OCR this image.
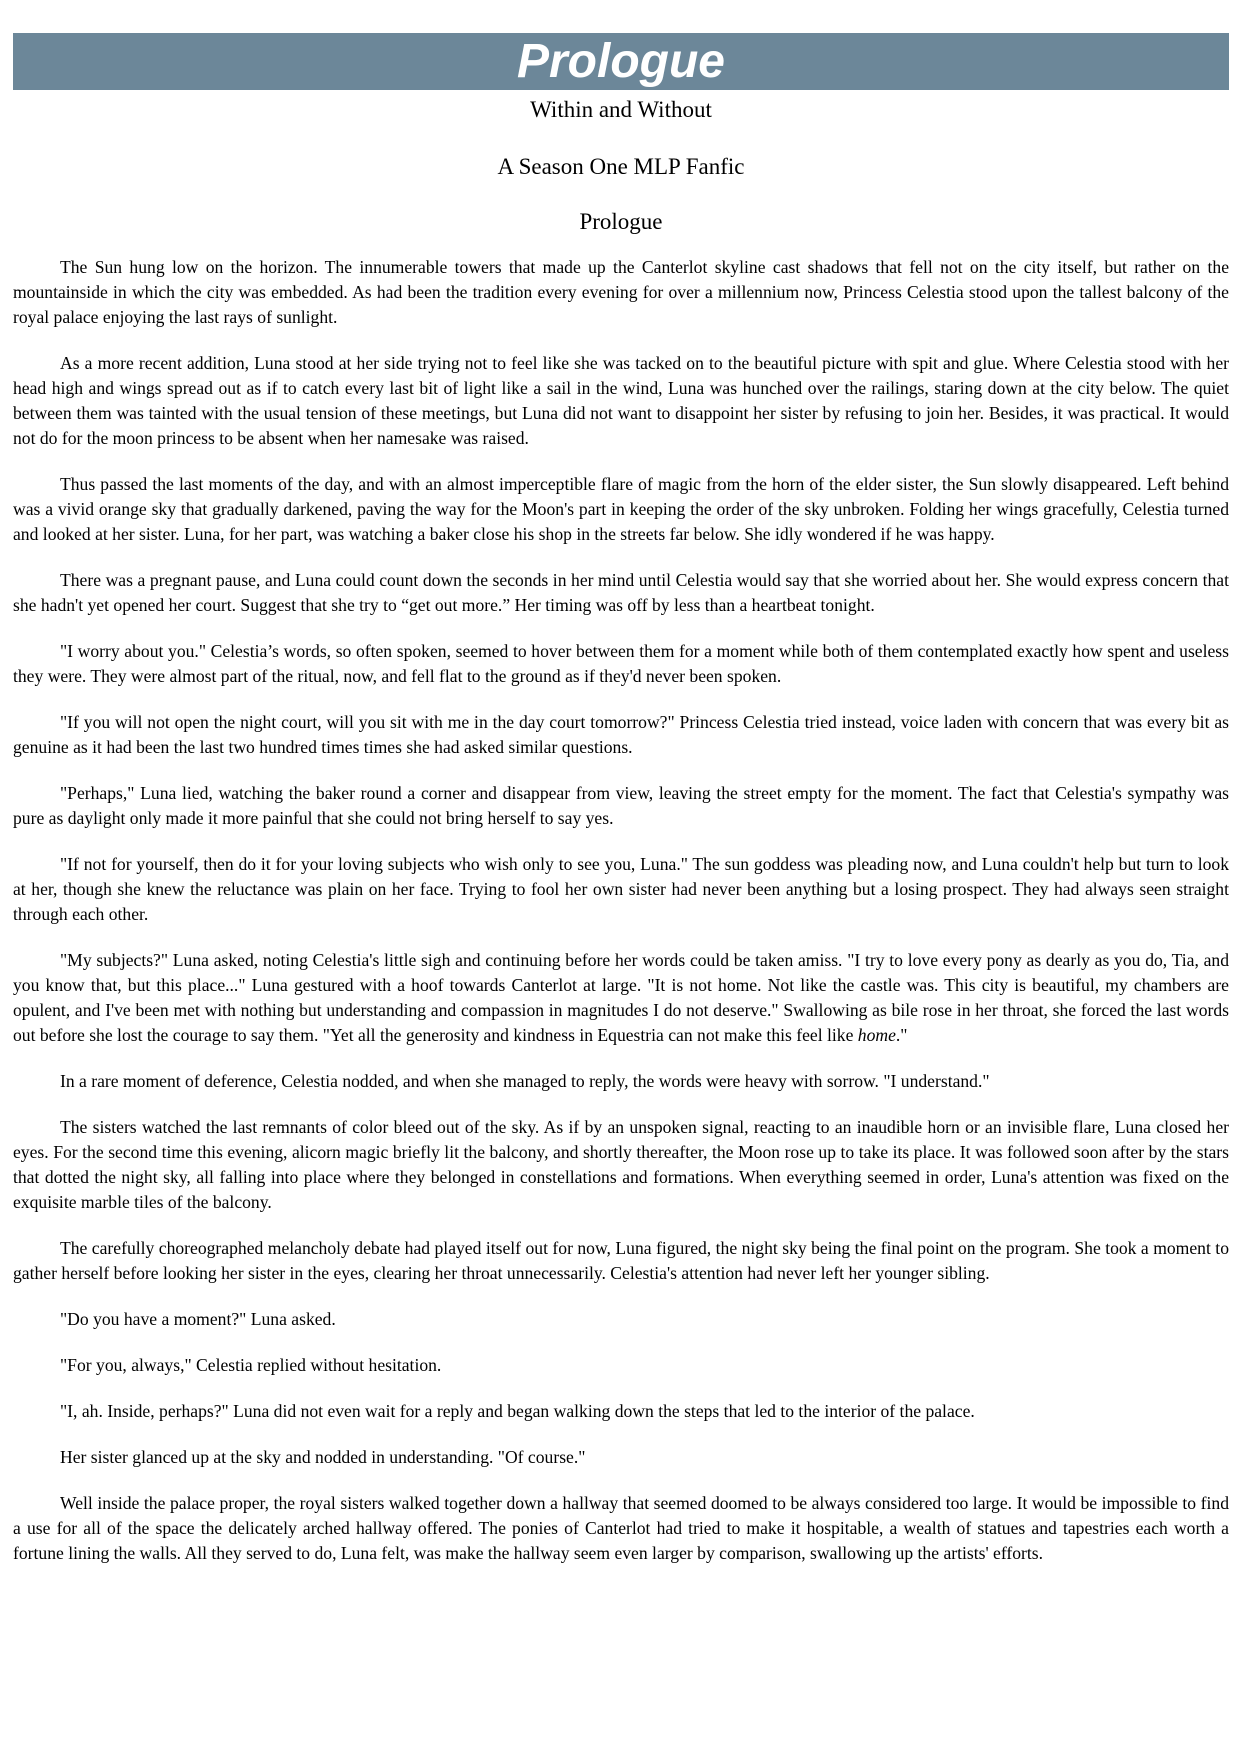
Prologue

Within and Without

A Season One MLP Fanfic

Prologue

The Sun hung low on the horizon. The innumerable towers that made up the Canterlot skyline cast shadows that fell not on the city itself, but rather on the mountainside in which the city was embedded. As had been the tradition every evening for over a millennium now, Princess Celestia stood upon the tallest balcony of the royal palace enjoying the last rays of sunlight.

As a more recent addition, Luna stood at her side trying not to feel like she was tacked on to the beautiful picture with spit and glue. Where Celestia stood with her head high and wings spread out as if to catch every last bit of light like a sail in the wind, Luna was hunched over the railings, staring down at the city below. The quiet between them was tainted with the usual tension of these meetings, but Luna did not want to disappoint her sister by refusing to join her. Besides, it was practical. It would not do for the moon princess to be absent when her namesake was raised.

Thus passed the last moments of the day, and with an almost imperceptible flare of magic from the horn of the elder sister, the Sun slowly disappeared. Left behind was a vivid orange sky that gradually darkened, paving the way for the Moon's part in keeping the order of the sky unbroken. Folding her wings gracefully, Celestia turned and looked at her sister. Luna, for her part, was watching a baker close his shop in the streets far below. She idly wondered if he was happy.

There was a pregnant pause, and Luna could count down the seconds in her mind until Celestia would say that she worried about her. She would express concern that she hadn't yet opened her court. Suggest that she try to “get out more.” Her timing was off by less than a heartbeat tonight.

"I worry about you." Celestia’s words, so often spoken, seemed to hover between them for a moment while both of them contemplated exactly how spent and useless they were. They were almost part of the ritual, now, and fell flat to the ground as if they'd never been spoken.

"If you will not open the night court, will you sit with me in the day court tomorrow?" Princess Celestia tried instead, voice laden with concern that was every bit as genuine as it had been the last two hundred times times she had asked similar questions.

"Perhaps," Luna lied, watching the baker round a corner and disappear from view, leaving the street empty for the moment. The fact that Celestia's sympathy was pure as daylight only made it more painful that she could not bring herself to say yes.

"If not for yourself, then do it for your loving subjects who wish only to see you, Luna." The sun goddess was pleading now, and Luna couldn't help but turn to look at her, though she knew the reluctance was plain on her face. Trying to fool her own sister had never been anything but a losing prospect. They had always seen straight through each other.

"My subjects?" Luna asked, noting Celestia's little sigh and continuing before her words could be taken amiss. "I try to love every pony as dearly as you do, Tia, and you know that, but this place..." Luna gestured with a hoof towards Canterlot at large. "It is not home. Not like the castle was. This city is beautiful, my chambers are opulent, and I've been met with nothing but understanding and compassion in magnitudes I do not deserve." Swallowing as bile rose in her throat, she forced the last words out before she lost the courage to say them. "Yet all the generosity and kindness in Equestria can not make this feel like home."

In a rare moment of deference, Celestia nodded, and when she managed to reply, the words were heavy with sorrow. "I understand."

The sisters watched the last remnants of color bleed out of the sky. As if by an unspoken signal, reacting to an inaudible horn or an invisible flare, Luna closed her eyes. For the second time this evening, alicorn magic briefly lit the balcony, and shortly thereafter, the Moon rose up to take its place. It was followed soon after by the stars that dotted the night sky, all falling into place where they belonged in constellations and formations. When everything seemed in order, Luna's attention was fixed on the exquisite marble tiles of the balcony.

The carefully choreographed melancholy debate had played itself out for now, Luna figured, the night sky being the final point on the program. She took a moment to gather herself before looking her sister in the eyes, clearing her throat unnecessarily. Celestia's attention had never left her younger sibling.

"Do you have a moment?" Luna asked.

"For you, always," Celestia replied without hesitation.

"I, ah. Inside, perhaps?" Luna did not even wait for a reply and began walking down the steps that led to the interior of the palace.

Her sister glanced up at the sky and nodded in understanding. "Of course."

Well inside the palace proper, the royal sisters walked together down a hallway that seemed doomed to be always considered too large. It would be impossible to find a use for all of the space the delicately arched hallway offered. The ponies of Canterlot had tried to make it hospitable, a wealth of statues and tapestries each worth a fortune lining the walls. All they served to do, Luna felt, was make the hallway seem even larger by comparison, swallowing up the artists' efforts.
